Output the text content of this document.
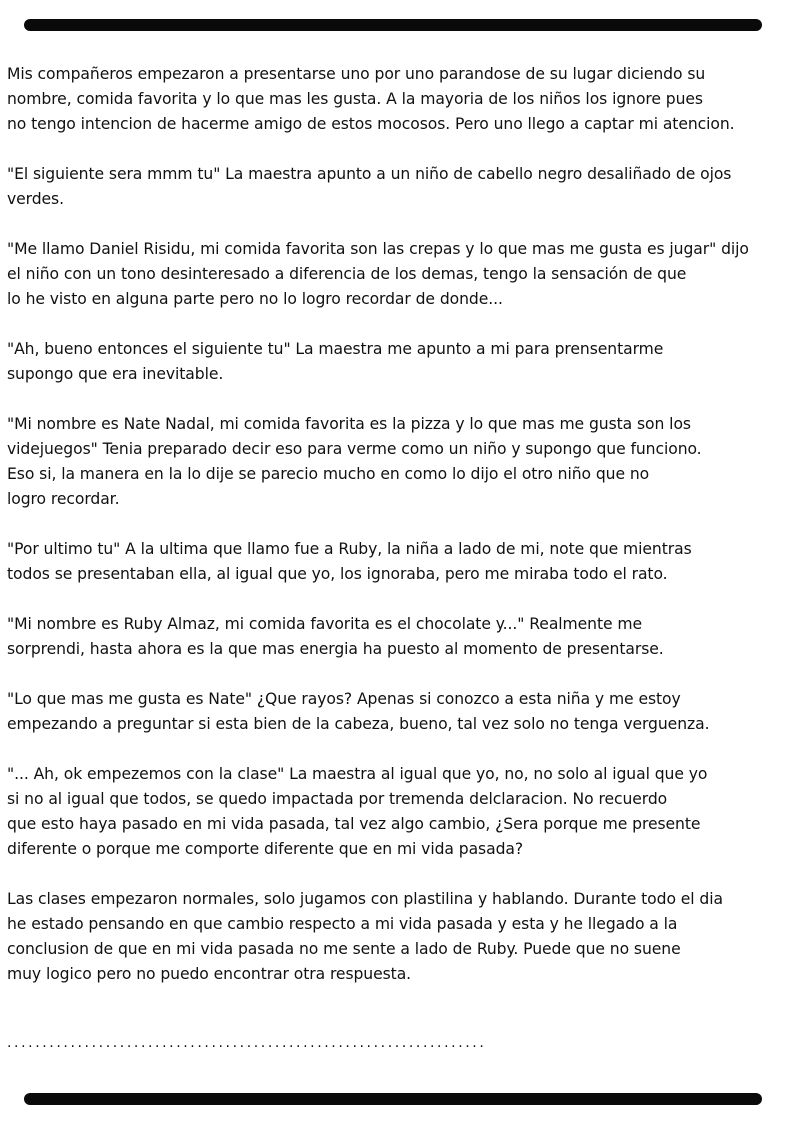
Mis compañeros empezaron a presentarse uno por uno parandose de su lugar diciendo su
nombre, comida favorita y lo que mas les gusta. A la mayoria de los niños los ignore pues
no tengo intencion de hacerme amigo de estos mocosos. Pero uno llego a captar mi atencion.
"El siguiente sera mmm tu" La maestra apunto a un niño de cabello negro desaliñado de ojos
verdes.
"Me llamo Daniel Risidu, mi comida favorita son las crepas y lo que mas me gusta es jugar" dijo
el niño con un tono desinteresado a diferencia de los demas, tengo la sensación de que
lo he visto en alguna parte pero no lo logro recordar de donde...
"Ah, bueno entonces el siguiente tu" La maestra me apunto a mi para prensentarme
supongo que era inevitable.
"Mi nombre es Nate Nadal, mi comida favorita es la pizza y lo que mas me gusta son los
videjuegos" Tenia preparado decir eso para verme como un niño y supongo que funciono.
Eso si, la manera en la lo dije se parecio mucho en como lo dijo el otro niño que no
logro recordar.
"Por ultimo tu" A la ultima que llamo fue a Ruby, la niña a lado de mi, note que mientras
todos se presentaban ella, al igual que yo, los ignoraba, pero me miraba todo el rato.
"Mi nombre es Ruby Almaz, mi comida favorita es el chocolate y..." Realmente me
sorprendi, hasta ahora es la que mas energia ha puesto al momento de presentarse.
"Lo que mas me gusta es Nate" ¿Que rayos? Apenas si conozco a esta niña y me estoy
empezando a preguntar si esta bien de la cabeza, bueno, tal vez solo no tenga verguenza.
"... Ah, ok empezemos con la clase" La maestra al igual que yo, no, no solo al igual que yo
si no al igual que todos, se quedo impactada por tremenda delclaracion. No recuerdo
que esto haya pasado en mi vida pasada, tal vez algo cambio, ¿Sera porque me presente
diferente o porque me comporte diferente que en mi vida pasada?
Las clases empezaron normales, solo jugamos con plastilina y hablando. Durante todo el dia
he estado pensando en que cambio respecto a mi vida pasada y esta y he llegado a la
conclusion de que en mi vida pasada no me sente a lado de Ruby. Puede que no suene
muy logico pero no puedo encontrar otra respuesta.
....................................................................
